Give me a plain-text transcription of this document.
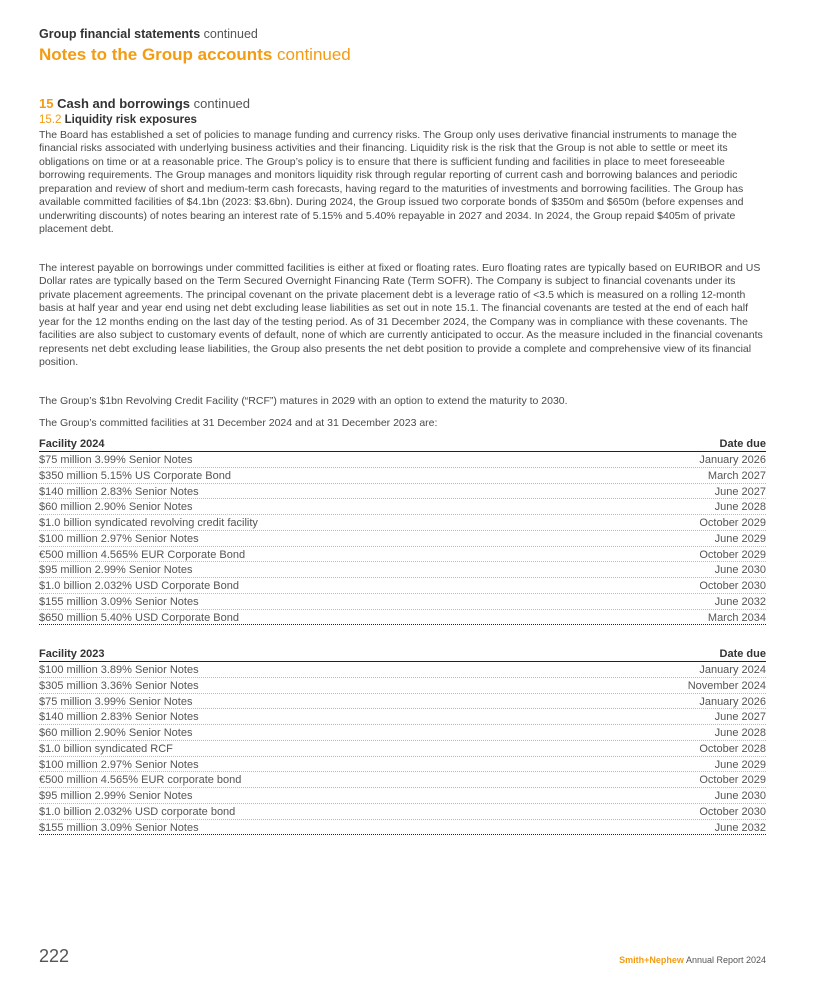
Group financial statements continued
Notes to the Group accounts continued
15 Cash and borrowings continued
15.2 Liquidity risk exposures

The Board has established a set of policies to manage funding and currency risks. The Group only uses derivative financial instruments to manage the financial risks associated with underlying business activities and their financing. Liquidity risk is the risk that the Group is not able to settle or meet its obligations on time or at a reasonable price. The Group’s policy is to ensure that there is sufficient funding and facilities in place to meet foreseeable borrowing requirements. The Group manages and monitors liquidity risk through regular reporting of current cash and borrowing balances and periodic preparation and review of short and medium-term cash forecasts, having regard to the maturities of investments and borrowing facilities. The Group has available committed facilities of $4.1bn (2023: $3.6bn). During 2024, the Group issued two corporate bonds of $350m and $650m (before expenses and underwriting discounts) of notes bearing an interest rate of 5.15% and 5.40% repayable in 2027 and 2034. In 2024, the Group repaid $405m of private placement debt.

The interest payable on borrowings under committed facilities is either at fixed or floating rates. Euro floating rates are typically based on EURIBOR and US Dollar rates are typically based on the Term Secured Overnight Financing Rate (Term SOFR). The Company is subject to financial covenants under its private placement agreements. The principal covenant on the private placement debt is a leverage ratio of <3.5 which is measured on a rolling 12-month basis at half year and year end using net debt excluding lease liabilities as set out in note 15.1. The financial covenants are tested at the end of each half year for the 12 months ending on the last day of the testing period. As of 31 December 2024, the Company was in compliance with these covenants. The facilities are also subject to customary events of default, none of which are currently anticipated to occur. As the measure included in the financial covenants represents net debt excluding lease liabilities, the Group also presents the net debt position to provide a complete and comprehensive view of its financial position.

The Group’s $1bn Revolving Credit Facility (“RCF”) matures in 2029 with an option to extend the maturity to 2030.

The Group’s committed facilities at 31 December 2024 and at 31 December 2023 are:

Facility 2024	Date due
$75 million 3.99% Senior Notes	January 2026
$350 million 5.15% US Corporate Bond	March 2027
$140 million 2.83% Senior Notes	June 2027
$60 million 2.90% Senior Notes	June 2028
$1.0 billion syndicated revolving credit facility	October 2029
$100 million 2.97% Senior Notes	June 2029
€500 million 4.565% EUR Corporate Bond	October 2029
$95 million 2.99% Senior Notes	June 2030
$1.0 billion 2.032% USD Corporate Bond	October 2030
$155 million 3.09% Senior Notes	June 2032
$650 million 5.40% USD Corporate Bond	March 2034
Facility 2023	Date due
$100 million 3.89% Senior Notes	January 2024
$305 million 3.36% Senior Notes	November 2024
$75 million 3.99% Senior Notes	January 2026
$140 million 2.83% Senior Notes	June 2027
$60 million 2.90% Senior Notes	June 2028
$1.0 billion syndicated RCF	October 2028
$100 million 2.97% Senior Notes	June 2029
€500 million 4.565% EUR corporate bond	October 2029
$95 million 2.99% Senior Notes	June 2030
$1.0 billion 2.032% USD corporate bond	October 2030
$155 million 3.09% Senior Notes	June 2032
222	Smith+Nephew Annual Report 2024
